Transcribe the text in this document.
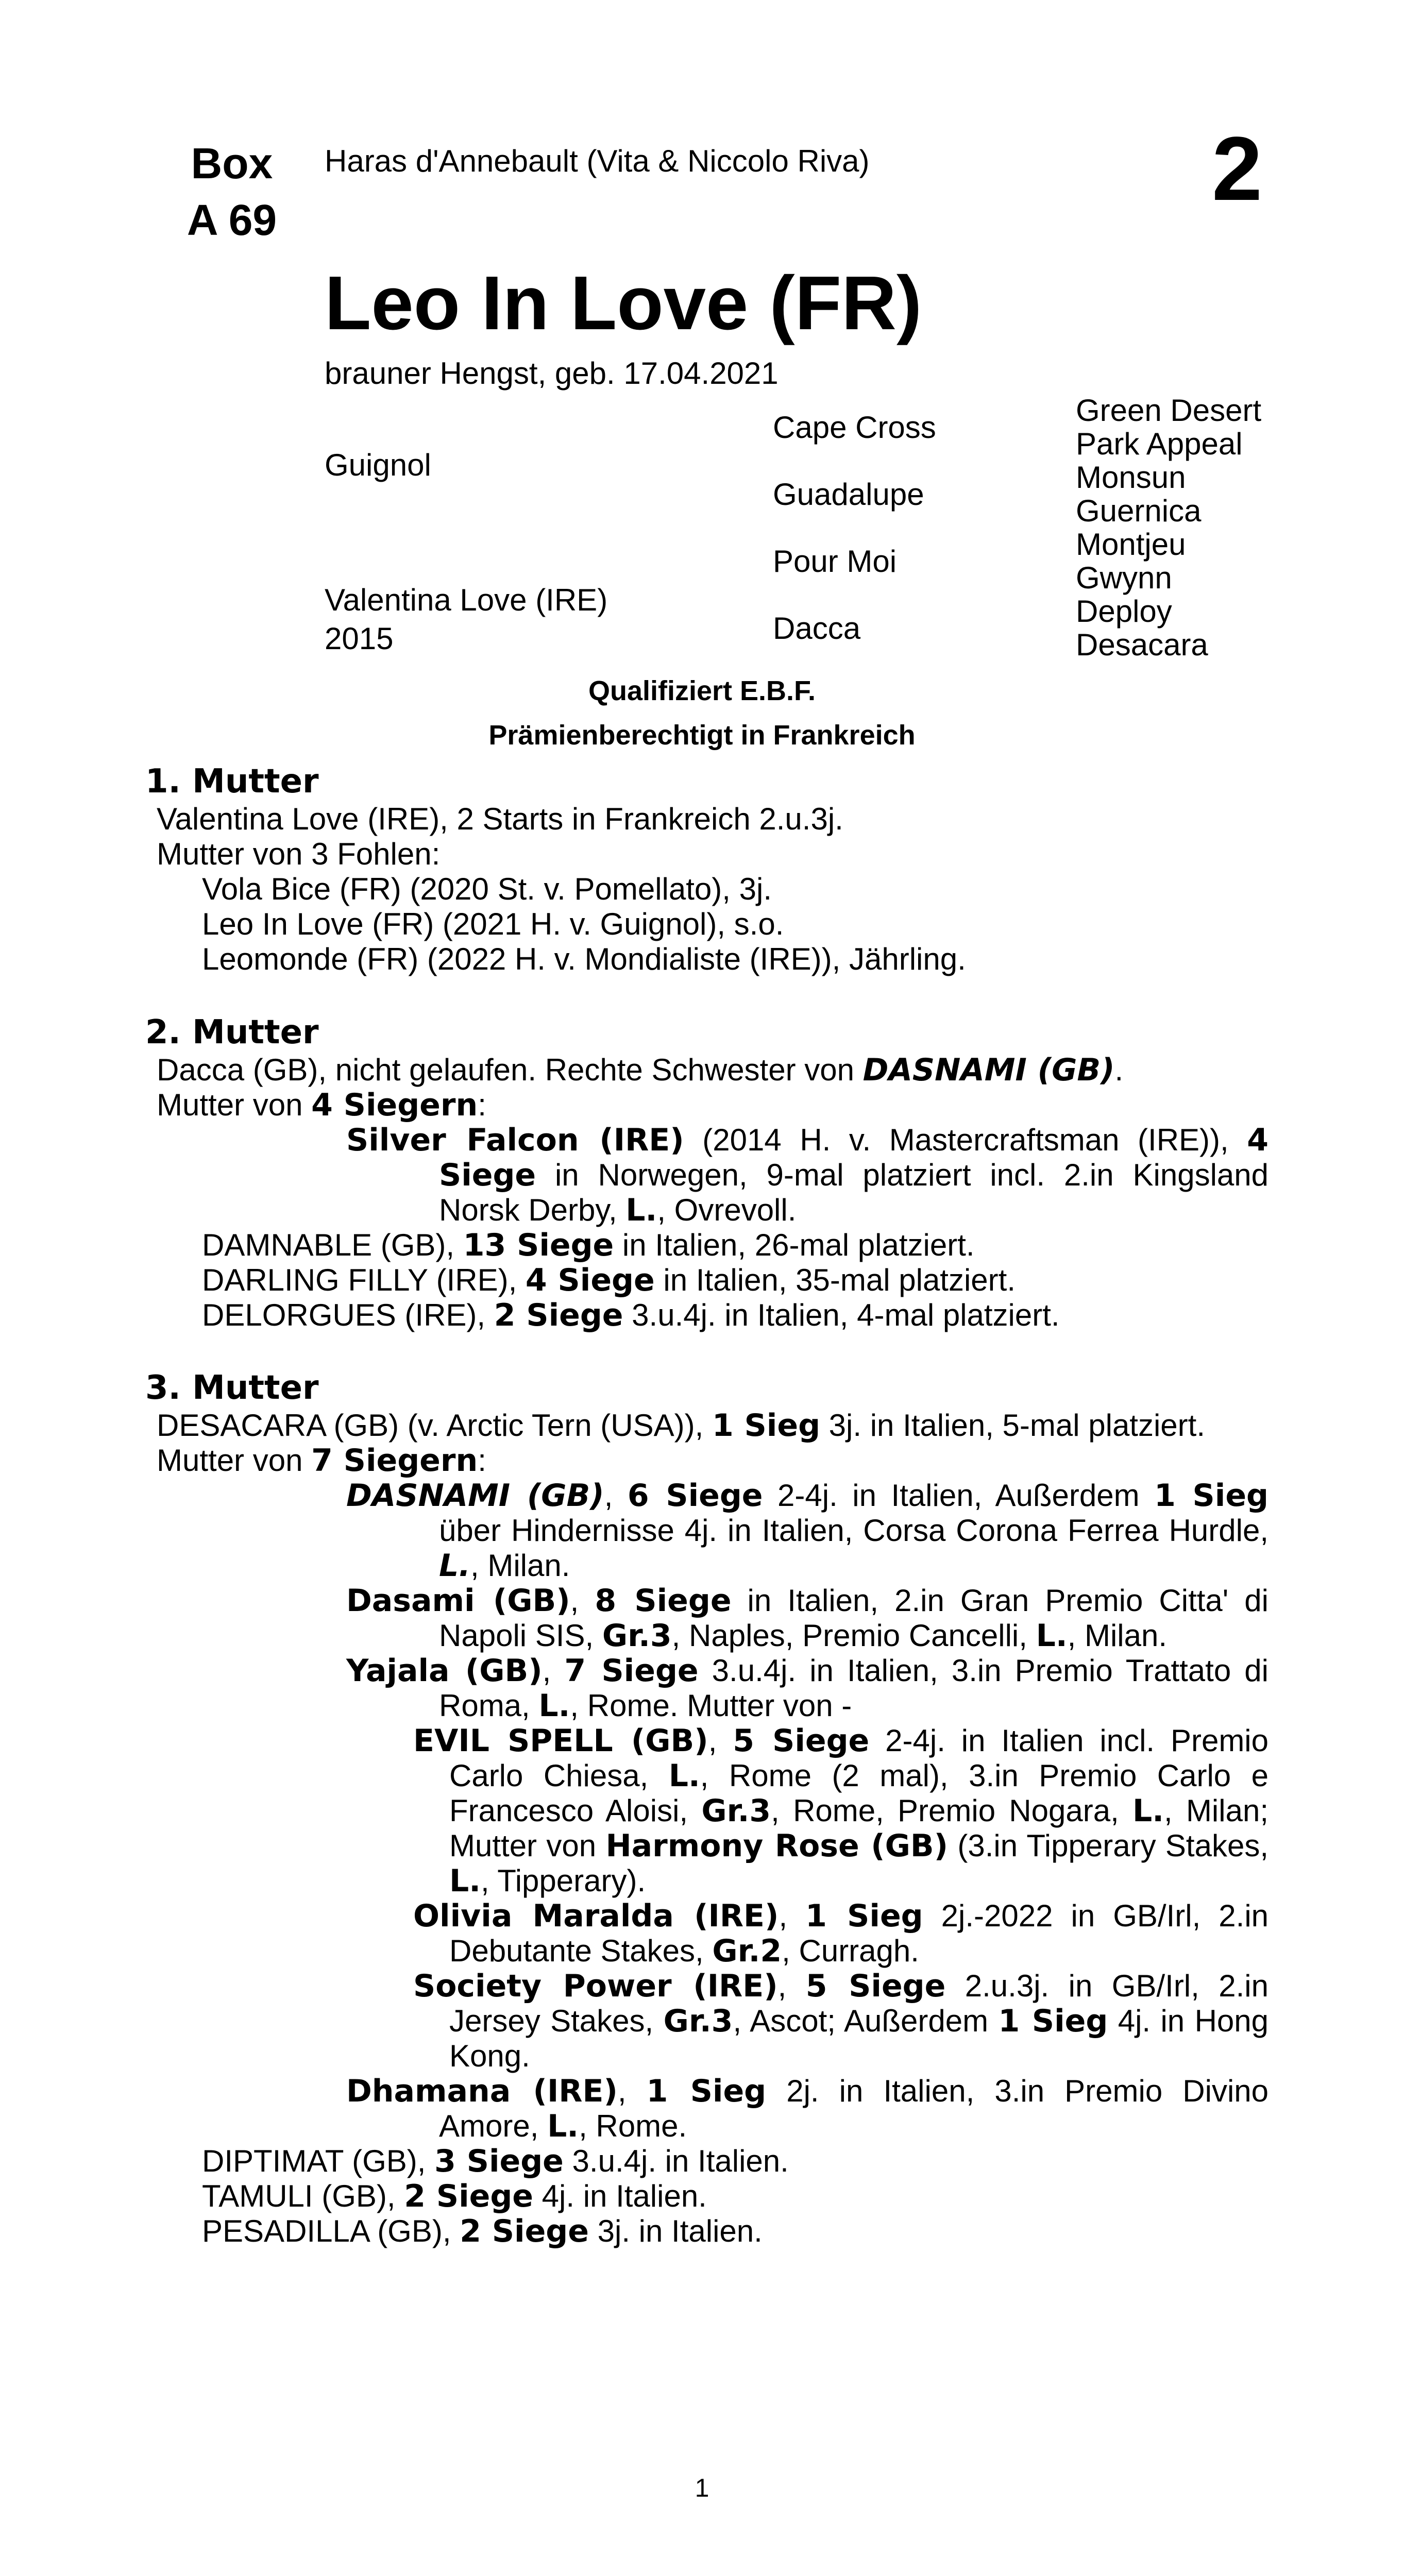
Box
A 69
Haras d'Annebault (Vita & Niccolo Riva)	2
Leo In Love (FR)
brauner Hengst, geb. 17.04.2021
Guignol
Valentina Love (IRE)
2015
Cape Cross
Guadalupe
Pour Moi
Dacca
Green Desert
Park Appeal
Monsun
Guernica
Montjeu
Gwynn
Deploy
Desacara
Qualifiziert E.B.F.
Prämienberechtigt in Frankreich
1. Mutter
Valentina Love (IRE), 2 Starts in Frankreich 2.u.3j.
Mutter von 3 Fohlen:
Vola Bice (FR) (2020 St. v. Pomellato), 3j.
Leo In Love (FR) (2021 H. v. Guignol), s.o.
Leomonde (FR) (2022 H. v. Mondialiste (IRE)), Jährling.
2. Mutter
Dacca (GB), nicht gelaufen. Rechte Schwester von DASNAMI (GB).
Mutter von 4 Siegern:
Silver Falcon (IRE) (2014 H. v. Mastercraftsman (IRE)), 4 Siege in Norwegen, 9-mal platziert incl. 2.in Kingsland Norsk Derby, L., Ovrevoll.
DAMNABLE (GB), 13 Siege in Italien, 26-mal platziert.
DARLING FILLY (IRE), 4 Siege in Italien, 35-mal platziert.
DELORGUES (IRE), 2 Siege 3.u.4j. in Italien, 4-mal platziert.
3. Mutter
DESACARA (GB) (v. Arctic Tern (USA)), 1 Sieg 3j. in Italien, 5-mal platziert.
Mutter von 7 Siegern:
DASNAMI (GB), 6 Siege 2-4j. in Italien, Außerdem 1 Sieg über Hindernisse 4j. in Italien, Corsa Corona Ferrea Hurdle, L., Milan.
Dasami (GB), 8 Siege in Italien, 2.in Gran Premio Citta' di Napoli SIS, Gr.3, Naples, Premio Cancelli, L., Milan.
Yajala (GB), 7 Siege 3.u.4j. in Italien, 3.in Premio Trattato di Roma, L., Rome. Mutter von -
EVIL SPELL (GB), 5 Siege 2-4j. in Italien incl. Premio Carlo Chiesa, L., Rome (2 mal), 3.in Premio Carlo e Francesco Aloisi, Gr.3, Rome, Premio Nogara, L., Milan; Mutter von Harmony Rose (GB) (3.in Tipperary Stakes, L., Tipperary).
Olivia Maralda (IRE), 1 Sieg 2j.-2022 in GB/Irl, 2.in Debutante Stakes, Gr.2, Curragh.
Society Power (IRE), 5 Siege 2.u.3j. in GB/Irl, 2.in Jersey Stakes, Gr.3, Ascot; Außerdem 1 Sieg 4j. in Hong Kong.
Dhamana (IRE), 1 Sieg 2j. in Italien, 3.in Premio Divino Amore, L., Rome.
DIPTIMAT (GB), 3 Siege 3.u.4j. in Italien.
TAMULI (GB), 2 Siege 4j. in Italien.
PESADILLA (GB), 2 Siege 3j. in Italien.
1
